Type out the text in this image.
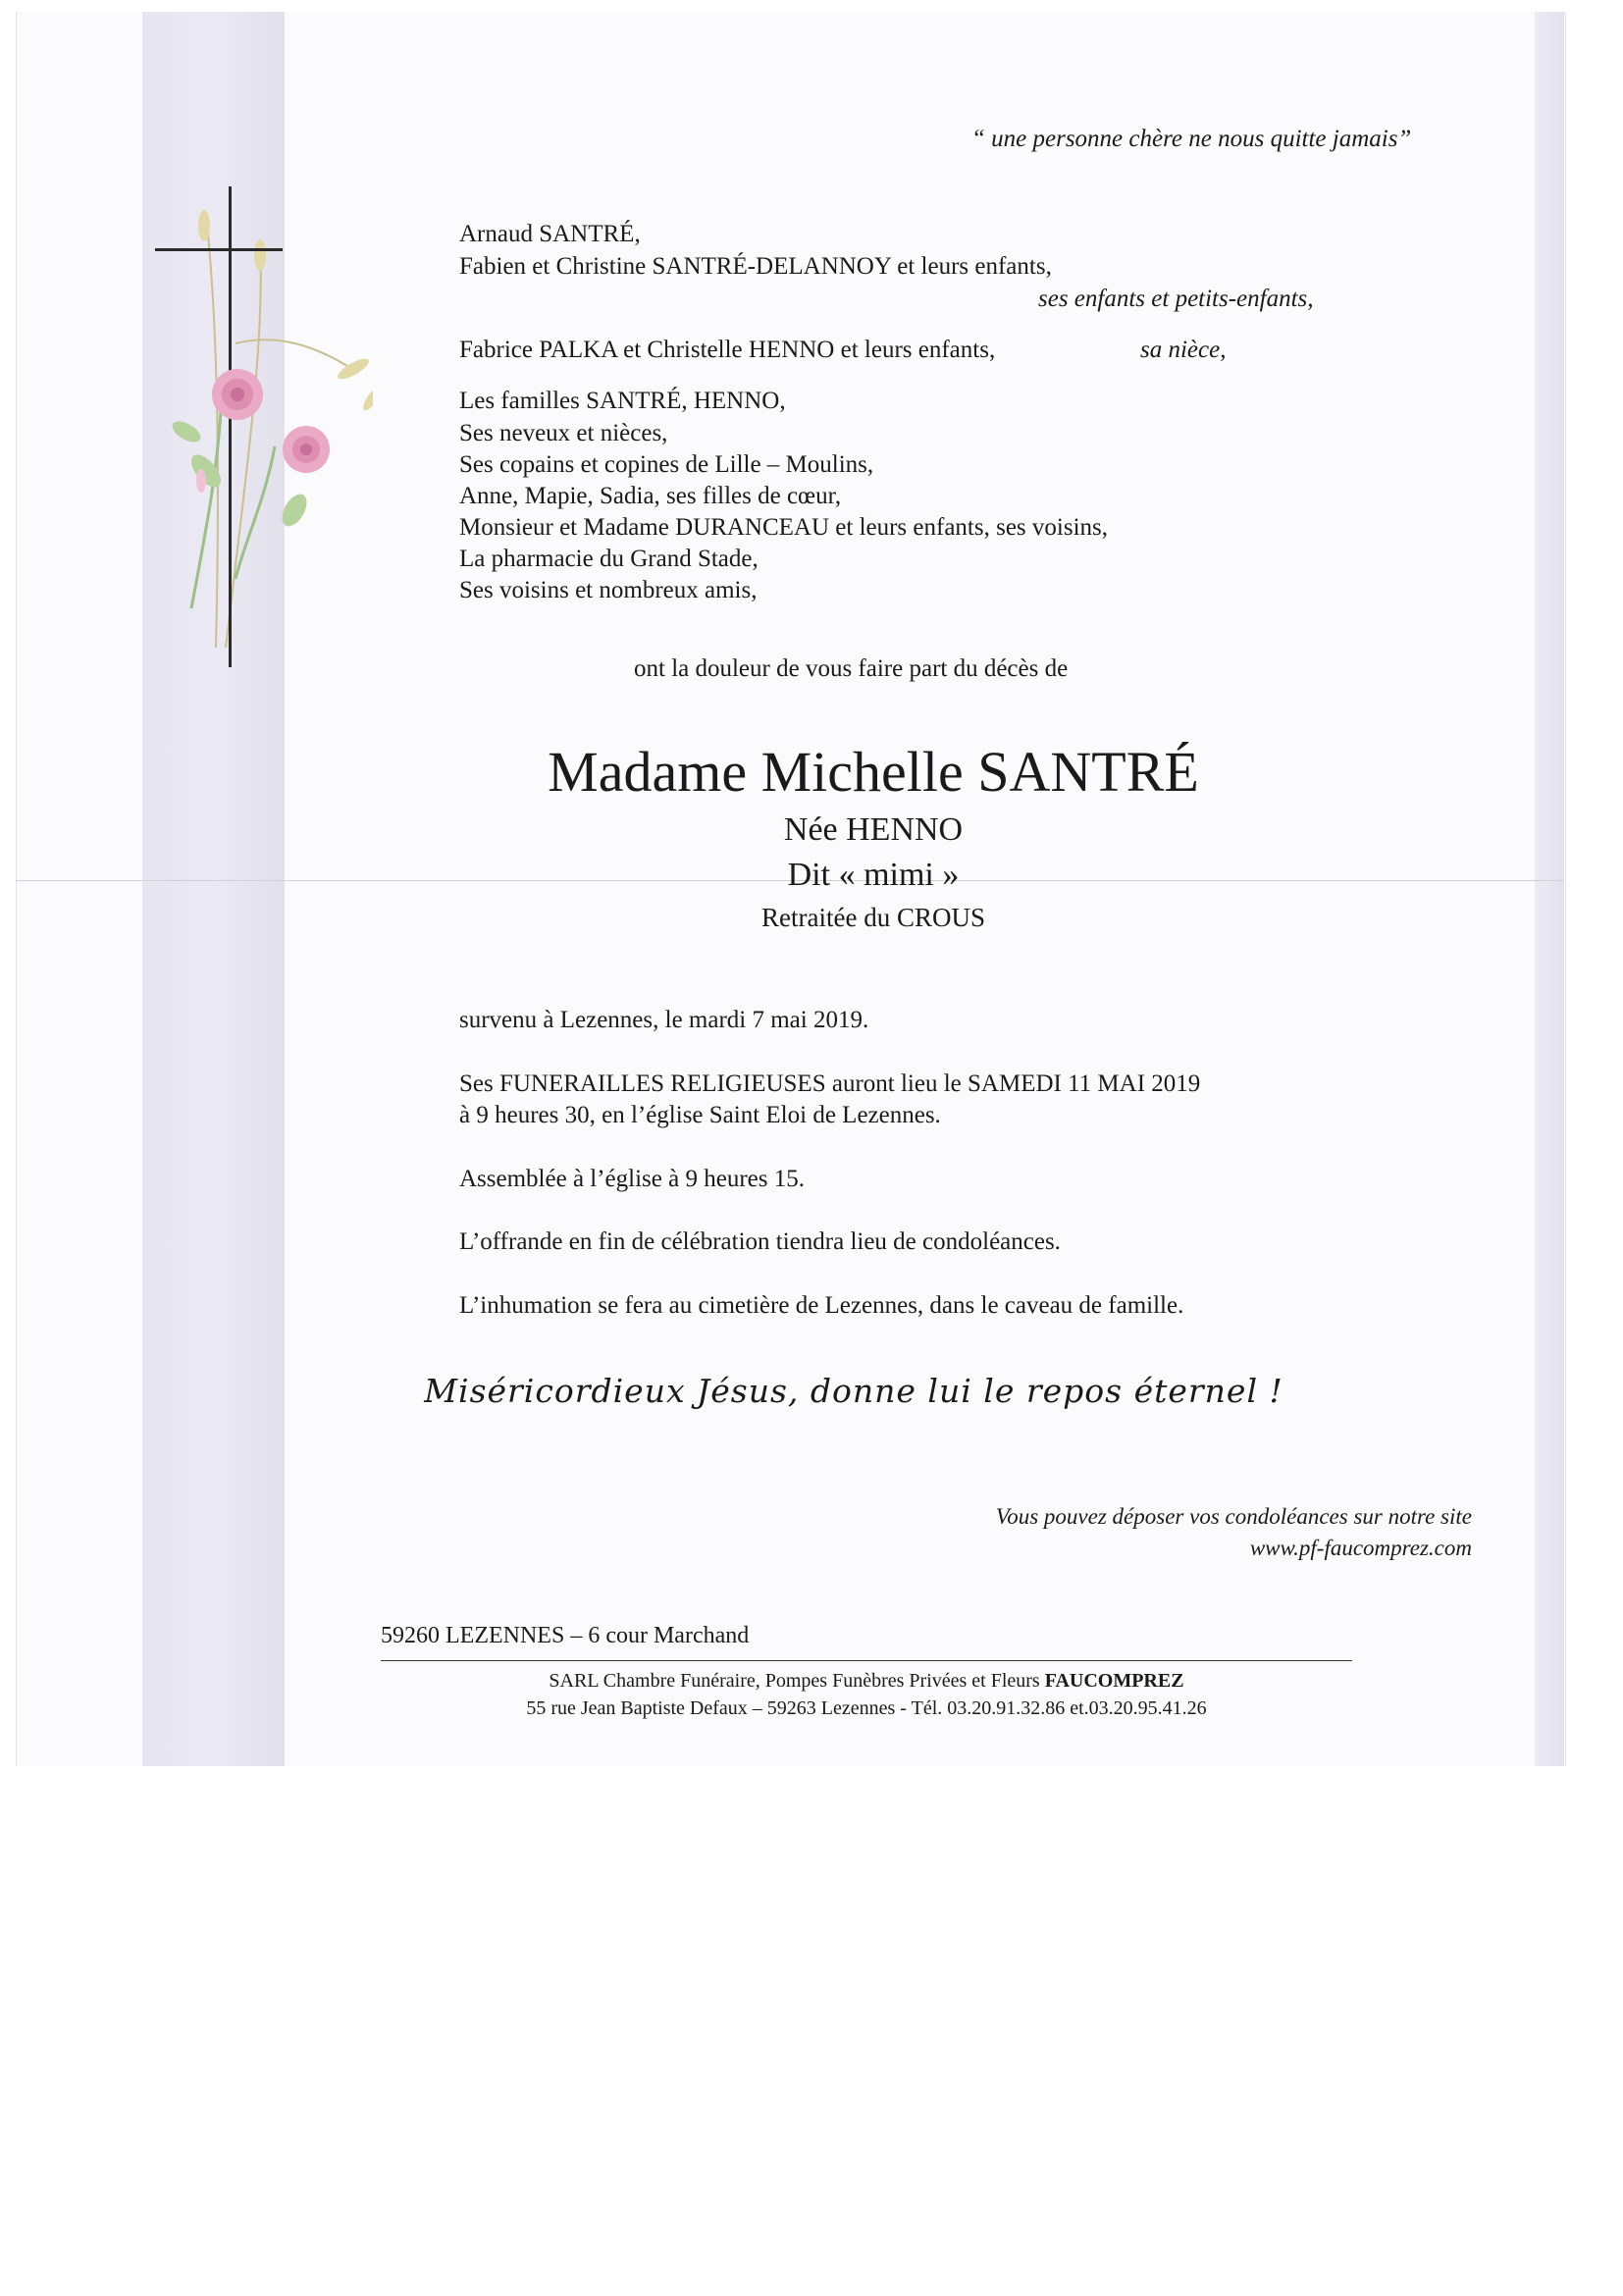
“ une personne chère ne nous quitte jamais”
Arnaud SANTRÉ,
Fabien et Christine SANTRÉ-DELANNOY et leurs enfants,
ses enfants et petits-enfants,
Fabrice PALKA et Christelle HENNO et leurs enfants,	sa nièce,
Les familles SANTRÉ, HENNO,
Ses neveux et nièces,
Ses copains et copines de Lille – Moulins,
Anne, Mapie, Sadia, ses filles de cœur,
Monsieur et Madame DURANCEAU et leurs enfants, ses voisins,
La pharmacie du Grand Stade,
Ses voisins et nombreux amis,
ont la douleur de vous faire part du décès de
Madame Michelle SANTRÉ
Née HENNO
Dit « mimi »
Retraitée du CROUS
survenu à Lezennes, le mardi 7 mai 2019.
Ses FUNERAILLES RELIGIEUSES auront lieu le SAMEDI 11 MAI 2019
à 9 heures 30, en l’église Saint Eloi de Lezennes.
Assemblée à l’église à 9 heures 15.
L’offrande en fin de célébration tiendra lieu de condoléances.
L’inhumation se fera au cimetière de Lezennes, dans le caveau de famille.
Miséricordieux Jésus, donne lui le repos éternel !
Vous pouvez déposer vos condoléances sur notre site
www.pf-faucomprez.com
59260 LEZENNES – 6 cour Marchand
SARL Chambre Funéraire, Pompes Funèbres Privées et Fleurs FAUCOMPREZ
55 rue Jean Baptiste Defaux – 59263 Lezennes - Tél. 03.20.91.32.86 et.03.20.95.41.26
